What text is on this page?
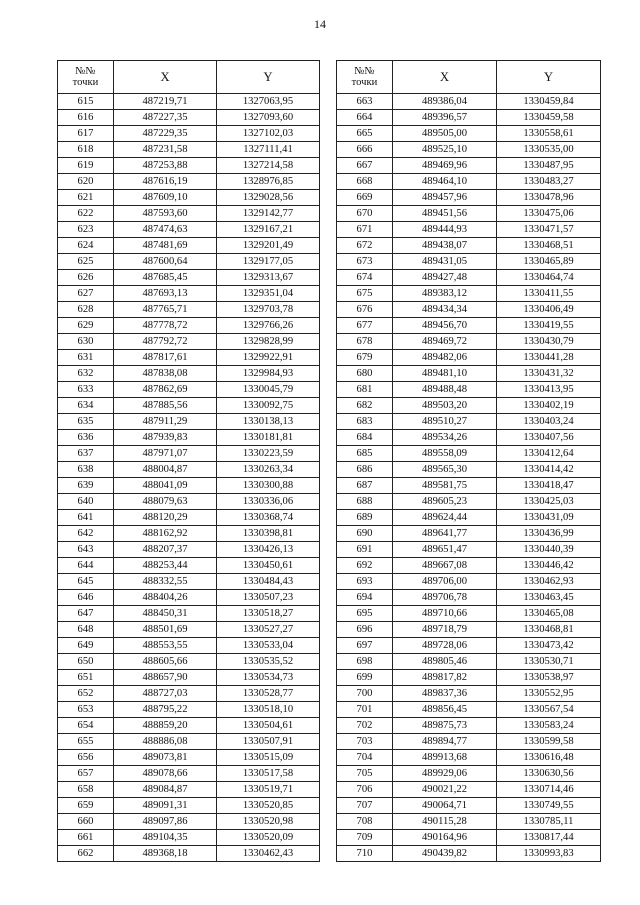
14
№№
точки	X	Y
615	487219,71	1327063,95
616	487227,35	1327093,60
617	487229,35	1327102,03
618	487231,58	1327111,41
619	487253,88	1327214,58
620	487616,19	1328976,85
621	487609,10	1329028,56
622	487593,60	1329142,77
623	487474,63	1329167,21
624	487481,69	1329201,49
625	487600,64	1329177,05
626	487685,45	1329313,67
627	487693,13	1329351,04
628	487765,71	1329703,78
629	487778,72	1329766,26
630	487792,72	1329828,99
631	487817,61	1329922,91
632	487838,08	1329984,93
633	487862,69	1330045,79
634	487885,56	1330092,75
635	487911,29	1330138,13
636	487939,83	1330181,81
637	487971,07	1330223,59
638	488004,87	1330263,34
639	488041,09	1330300,88
640	488079,63	1330336,06
641	488120,29	1330368,74
642	488162,92	1330398,81
643	488207,37	1330426,13
644	488253,44	1330450,61
645	488332,55	1330484,43
646	488404,26	1330507,23
647	488450,31	1330518,27
648	488501,69	1330527,27
649	488553,55	1330533,04
650	488605,66	1330535,52
651	488657,90	1330534,73
652	488727,03	1330528,77
653	488795,22	1330518,10
654	488859,20	1330504,61
655	488886,08	1330507,91
656	489073,81	1330515,09
657	489078,66	1330517,58
658	489084,87	1330519,71
659	489091,31	1330520,85
660	489097,86	1330520,98
661	489104,35	1330520,09
662	489368,18	1330462,43
№№
точки	X	Y
663	489386,04	1330459,84
664	489396,57	1330459,58
665	489505,00	1330558,61
666	489525,10	1330535,00
667	489469,96	1330487,95
668	489464,10	1330483,27
669	489457,96	1330478,96
670	489451,56	1330475,06
671	489444,93	1330471,57
672	489438,07	1330468,51
673	489431,05	1330465,89
674	489427,48	1330464,74
675	489383,12	1330411,55
676	489434,34	1330406,49
677	489456,70	1330419,55
678	489469,72	1330430,79
679	489482,06	1330441,28
680	489481,10	1330431,32
681	489488,48	1330413,95
682	489503,20	1330402,19
683	489510,27	1330403,24
684	489534,26	1330407,56
685	489558,09	1330412,64
686	489565,30	1330414,42
687	489581,75	1330418,47
688	489605,23	1330425,03
689	489624,44	1330431,09
690	489641,77	1330436,99
691	489651,47	1330440,39
692	489667,08	1330446,42
693	489706,00	1330462,93
694	489706,78	1330463,45
695	489710,66	1330465,08
696	489718,79	1330468,81
697	489728,06	1330473,42
698	489805,46	1330530,71
699	489817,82	1330538,97
700	489837,36	1330552,95
701	489856,45	1330567,54
702	489875,73	1330583,24
703	489894,77	1330599,58
704	489913,68	1330616,48
705	489929,06	1330630,56
706	490021,22	1330714,46
707	490064,71	1330749,55
708	490115,28	1330785,11
709	490164,96	1330817,44
710	490439,82	1330993,83
